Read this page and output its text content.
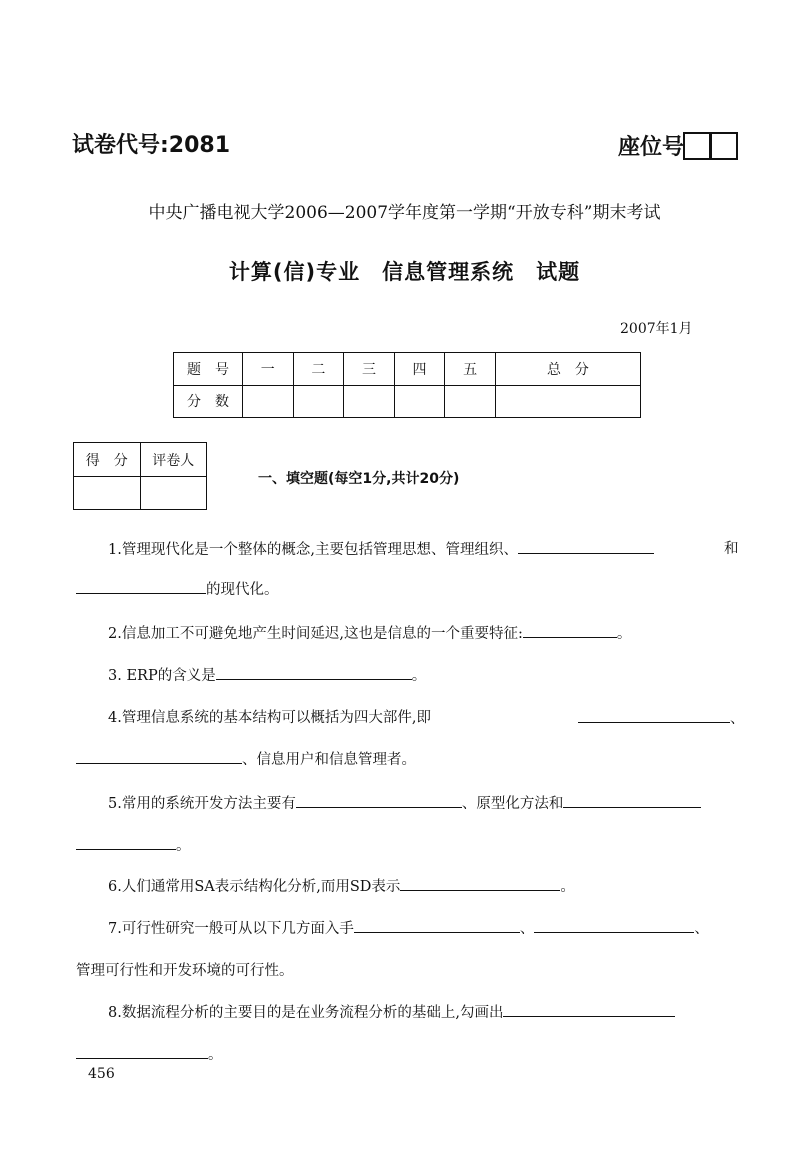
试卷代号:2081	座位号
中央广播电视大学2006—2007学年度第一学期“开放专科”期末考试
计算(信)专业　信息管理系统　试题
2007年1月
题　号	一	二	三	四	五	总　分
分　数						
得　分	评卷人

一、填空题(每空1分,共计20分)
1.管理现代化是一个整体的概念,主要包括管理思想、管理组织、	和
的现代化。
2.信息加工不可避免地产生时间延迟,这也是信息的一个重要特征:	。
3. ERP的含义是	。
4.管理信息系统的基本结构可以概括为四大部件,即	、
、信息用户和信息管理者。
5.常用的系统开发方法主要有	、原型化方法和
。
6.人们通常用SA表示结构化分析,而用SD表示	。
7.可行性研究一般可从以下几方面入手	、	、
管理可行性和开发环境的可行性。
8.数据流程分析的主要目的是在业务流程分析的基础上,勾画出
。
456
